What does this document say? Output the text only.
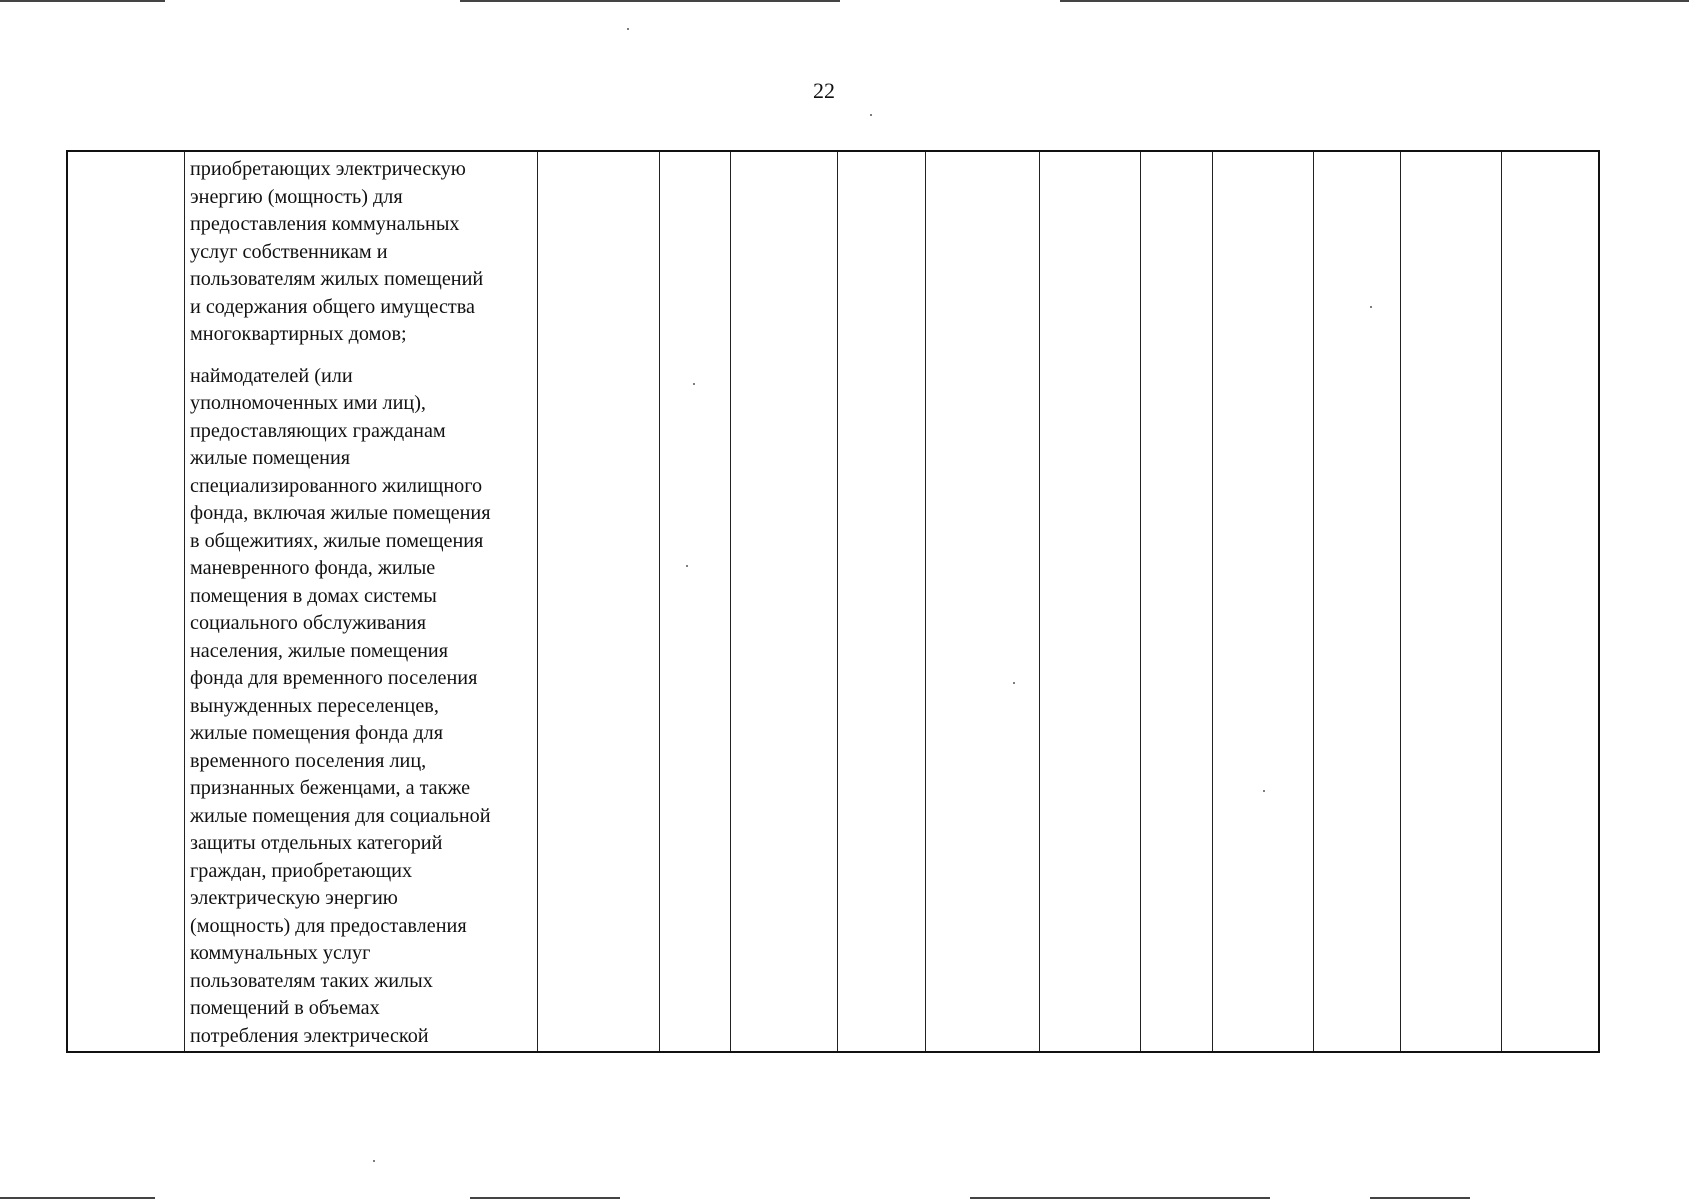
22
приобретающих электрическую
энергию (мощность) для
предоставления коммунальных
услуг собственникам и
пользователям жилых помещений
и содержания общего имущества
многоквартирных домов;
наймодателей (или
уполномоченных ими лиц),
предоставляющих гражданам
жилые помещения
специализированного жилищного
фонда, включая жилые помещения
в общежитиях, жилые помещения
маневренного фонда, жилые
помещения в домах системы
социального обслуживания
населения, жилые помещения
фонда для временного поселения
вынужденных переселенцев,
жилые помещения фонда для
временного поселения лиц,
признанных беженцами, а также
жилые помещения для социальной
защиты отдельных категорий
граждан, приобретающих
электрическую энергию
(мощность) для предоставления
коммунальных услуг
пользователям таких жилых
помещений в объемах
потребления электрической
